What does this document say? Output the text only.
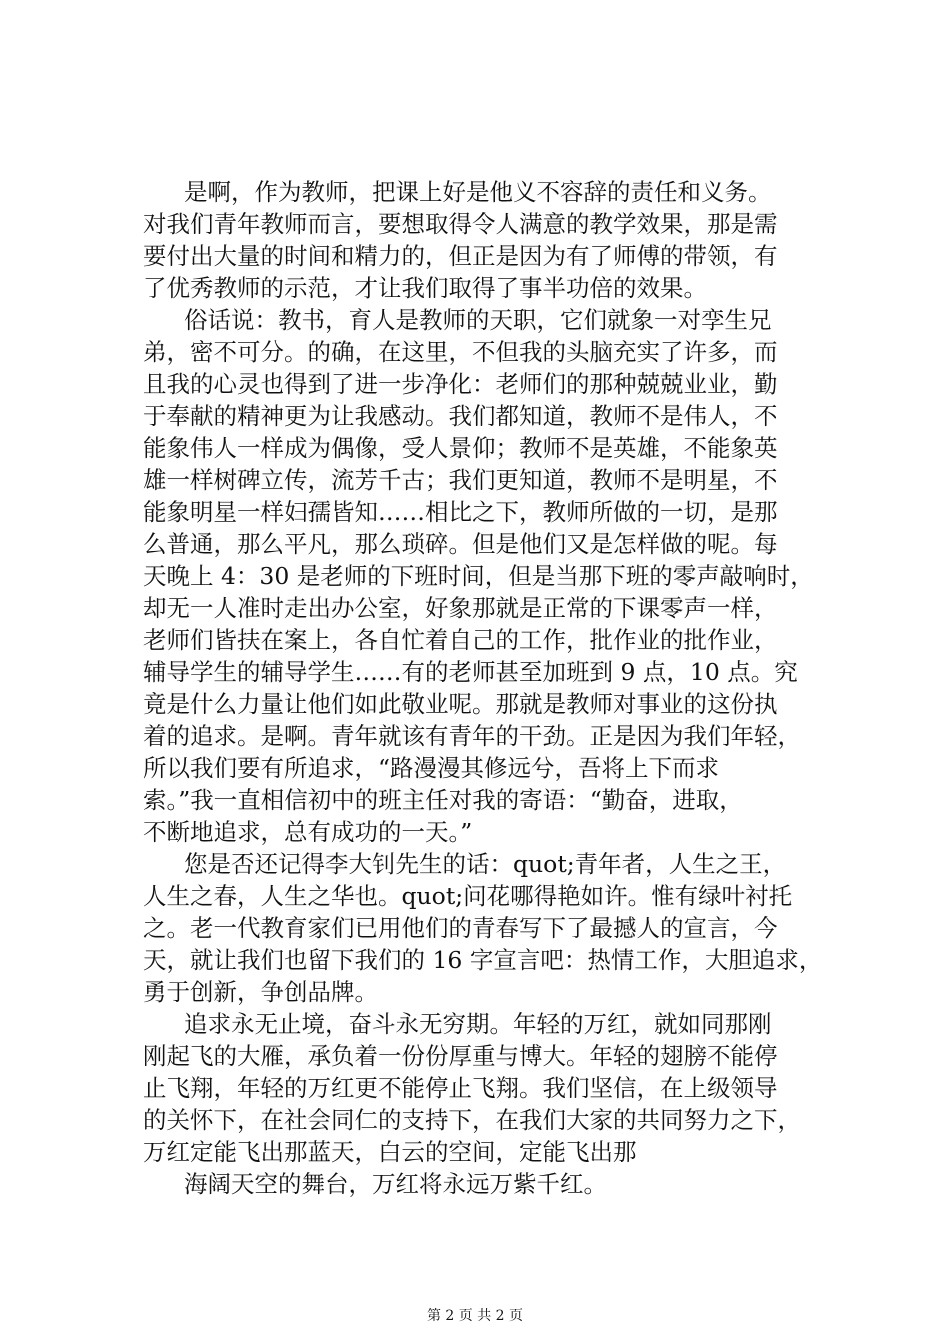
是啊，作为教师，把课上好是他义不容辞的责任和义务。
对我们青年教师而言，要想取得令人满意的教学效果，那是需
要付出大量的时间和精力的，但正是因为有了师傅的带领，有
了优秀教师的示范，才让我们取得了事半功倍的效果。
俗话说：教书，育人是教师的天职，它们就象一对孪生兄
弟，密不可分。的确，在这里，不但我的头脑充实了许多，而
且我的心灵也得到了进一步净化：老师们的那种兢兢业业，勤
于奉献的精神更为让我感动。我们都知道，教师不是伟人，不
能象伟人一样成为偶像，受人景仰；教师不是英雄，不能象英
雄一样树碑立传，流芳千古；我们更知道，教师不是明星，不
能象明星一样妇孺皆知……相比之下，教师所做的一切，是那
么普通，那么平凡，那么琐碎。但是他们又是怎样做的呢。每
天晚上 4：30 是老师的下班时间，但是当那下班的零声敲响时，
却无一人准时走出办公室，好象那就是正常的下课零声一样，
老师们皆扶在案上，各自忙着自己的工作，批作业的批作业，
辅导学生的辅导学生……有的老师甚至加班到 9 点，10 点。究
竟是什么力量让他们如此敬业呢。那就是教师对事业的这份执
着的追求。是啊。青年就该有青年的干劲。正是因为我们年轻，
所以我们要有所追求，“路漫漫其修远兮，吾将上下而求
索。”我一直相信初中的班主任对我的寄语：“勤奋，进取，
不断地追求，总有成功的一天。”
您是否还记得李大钊先生的话：quot;青年者，人生之王，
人生之春，人生之华也。quot;问花哪得艳如许。惟有绿叶衬托
之。老一代教育家们已用他们的青春写下了最撼人的宣言，今
天，就让我们也留下我们的 16 字宣言吧：热情工作，大胆追求，
勇于创新，争创品牌。
追求永无止境，奋斗永无穷期。年轻的万红，就如同那刚
刚起飞的大雁，承负着一份份厚重与博大。年轻的翅膀不能停
止飞翔，年轻的万红更不能停止飞翔。我们坚信，在上级领导
的关怀下，在社会同仁的支持下，在我们大家的共同努力之下，
万红定能飞出那蓝天，白云的空间，定能飞出那
海阔天空的舞台，万红将永远万紫千红。
第 2 页 共 2 页
